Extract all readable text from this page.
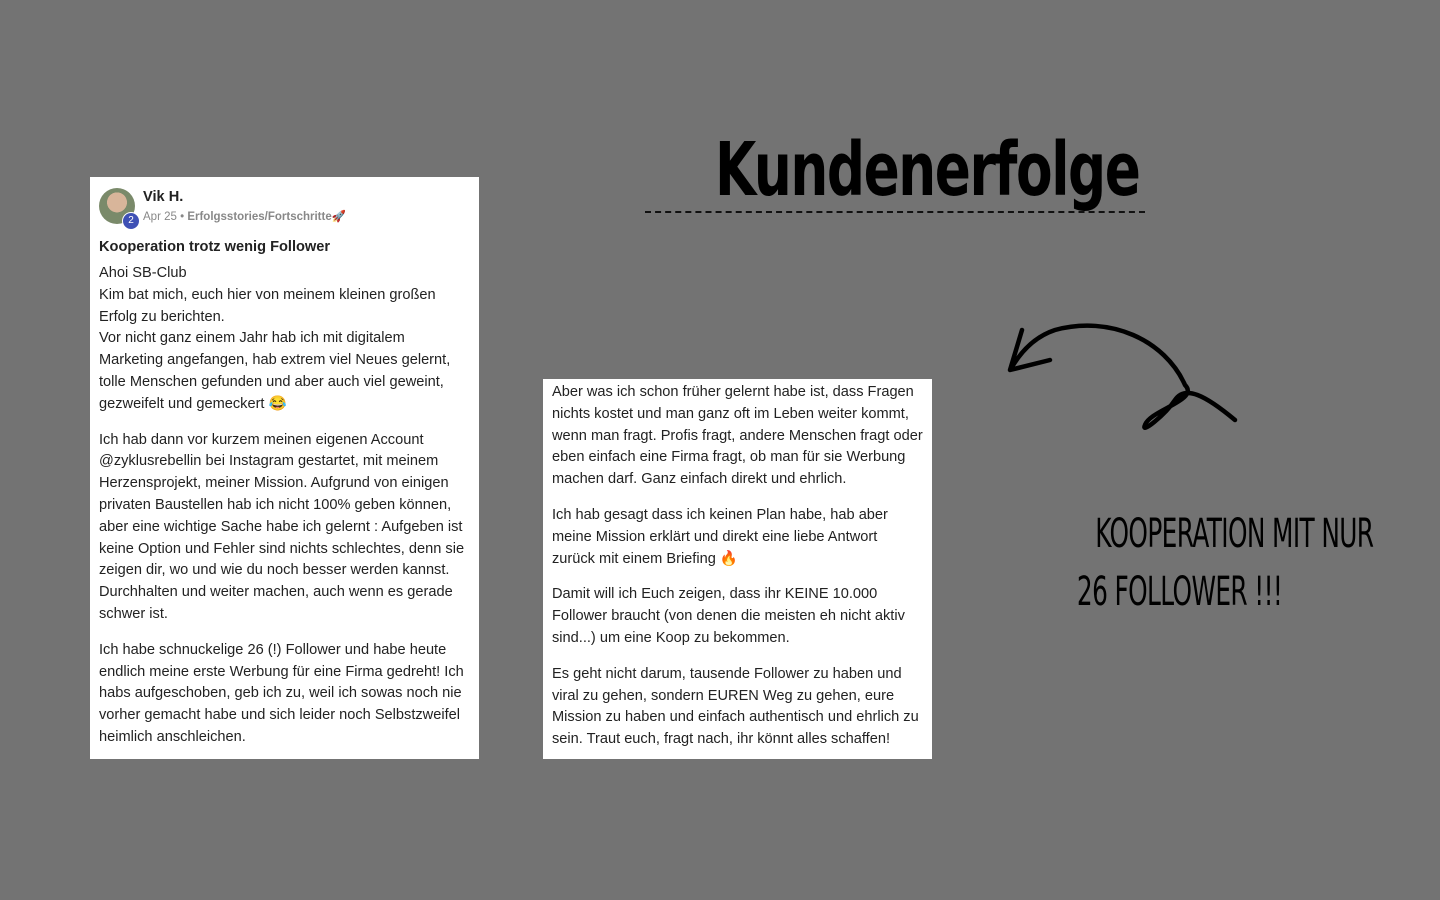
Kundenerfolge
2
Vik H.
Apr 25 • Erfolgsstories/Fortschritte🚀
Kooperation trotz wenig Follower
Ahoi SB-Club
Kim bat mich, euch hier von meinem kleinen großen Erfolg zu berichten.
Vor nicht ganz einem Jahr hab ich mit digitalem Marketing angefangen, hab extrem viel Neues gelernt, tolle Menschen gefunden und aber auch viel geweint, gezweifelt und gemeckert 😂
Ich hab dann vor kurzem meinen eigenen Account @zyklusrebellin bei Instagram gestartet, mit meinem Herzensprojekt, meiner Mission. Aufgrund von einigen privaten Baustellen hab ich nicht 100% geben können, aber eine wichtige Sache habe ich gelernt : Aufgeben ist keine Option und Fehler sind nichts schlechtes, denn sie zeigen dir, wo und wie du noch besser werden kannst. Durchhalten und weiter machen, auch wenn es gerade schwer ist.
Ich habe schnuckelige 26 (!) Follower und habe heute endlich meine erste Werbung für eine Firma gedreht! Ich habs aufgeschoben, geb ich zu, weil ich sowas noch nie vorher gemacht habe und sich leider noch Selbstzweifel heimlich anschleichen.
Aber was ich schon früher gelernt habe ist, dass Fragen nichts kostet und man ganz oft im Leben weiter kommt, wenn man fragt. Profis fragt, andere Menschen fragt oder eben einfach eine Firma fragt, ob man für sie Werbung machen darf. Ganz einfach direkt und ehrlich.
Ich hab gesagt dass ich keinen Plan habe, hab aber meine Mission erklärt und direkt eine liebe Antwort zurück mit einem Briefing 🔥
Damit will ich Euch zeigen, dass ihr KEINE 10.000 Follower braucht (von denen die meisten eh nicht aktiv sind...) um eine Koop zu bekommen.
Es geht nicht darum, tausende Follower zu haben und viral zu gehen, sondern EUREN Weg zu gehen, eure Mission zu haben und einfach authentisch und ehrlich zu sein. Traut euch, fragt nach, ihr könnt alles schaffen!
KOOPERATION MIT NUR
26 FOLLOWER !!!
